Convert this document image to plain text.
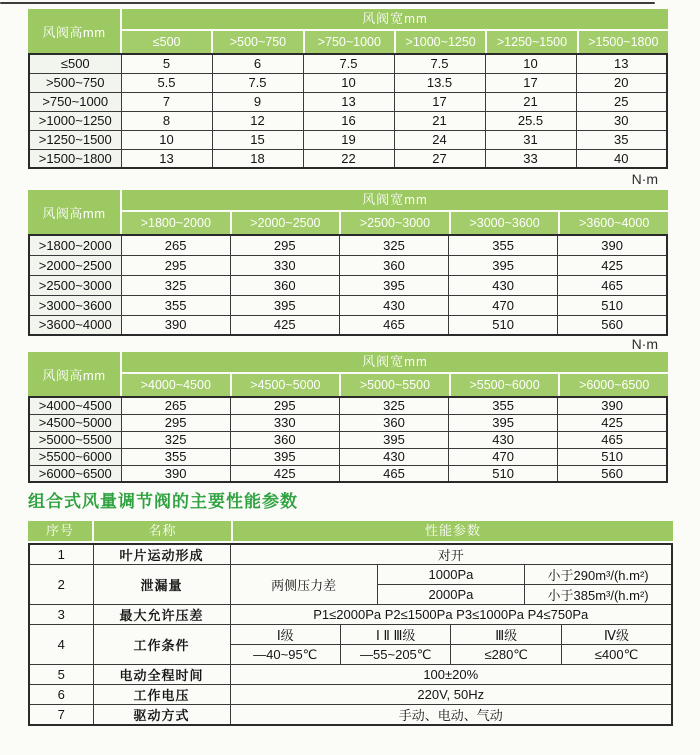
风阀高mm
风阀宽mm
≤500	>500~750	>750~1000	>1000~1250	>1250~1500	>1500~1800
≤500	5	6	7.5	7.5	10	13
>500~750	5.5	7.5	10	13.5	17	20
>750~1000	7	9	13	17	21	25
>1000~1250	8	12	16	21	25.5	30
>1250~1500	10	15	19	24	31	35
>1500~1800	13	18	22	27	33	40
N·m
风阀高mm
风阀宽mm
>1800~2000	>2000~2500	>2500~3000	>3000~3600	>3600~4000
>1800~2000	265	295	325	355	390
>2000~2500	295	330	360	395	425
>2500~3000	325	360	395	430	465
>3000~3600	355	395	430	470	510
>3600~4000	390	425	465	510	560
N·m
风阀高mm
风阀宽mm
>4000~4500	>4500~5000	>5000~5500	>5500~6000	>6000~6500
>4000~4500	265	295	325	355	390
>4500~5000	295	330	360	395	425
>5000~5500	325	360	395	430	465
>5500~6000	355	395	430	470	510
>6000~6500	390	425	465	510	560
组合式风量调节阀的主要性能参数
序号	名称	性能参数
1	叶片运动形成	对开					
2	泄漏量	两侧压力差		1000Pa		小于290m³/(h.m²)	
				2000Pa		小于385m³/(h.m²)	
3	最大允许压差	P1≤2000Pa P2≤1500Pa P3≤1000Pa P4≤750Pa					
4	工作条件	Ⅰ级	Ⅰ Ⅱ Ⅲ级		Ⅲ级		Ⅳ级
		—40~95℃	—55~205℃		≤280℃		≤400℃
5	电动全程时间	100±20%					
6	工作电压	220V, 50Hz					
7	驱动方式	手动、电动、气动					
